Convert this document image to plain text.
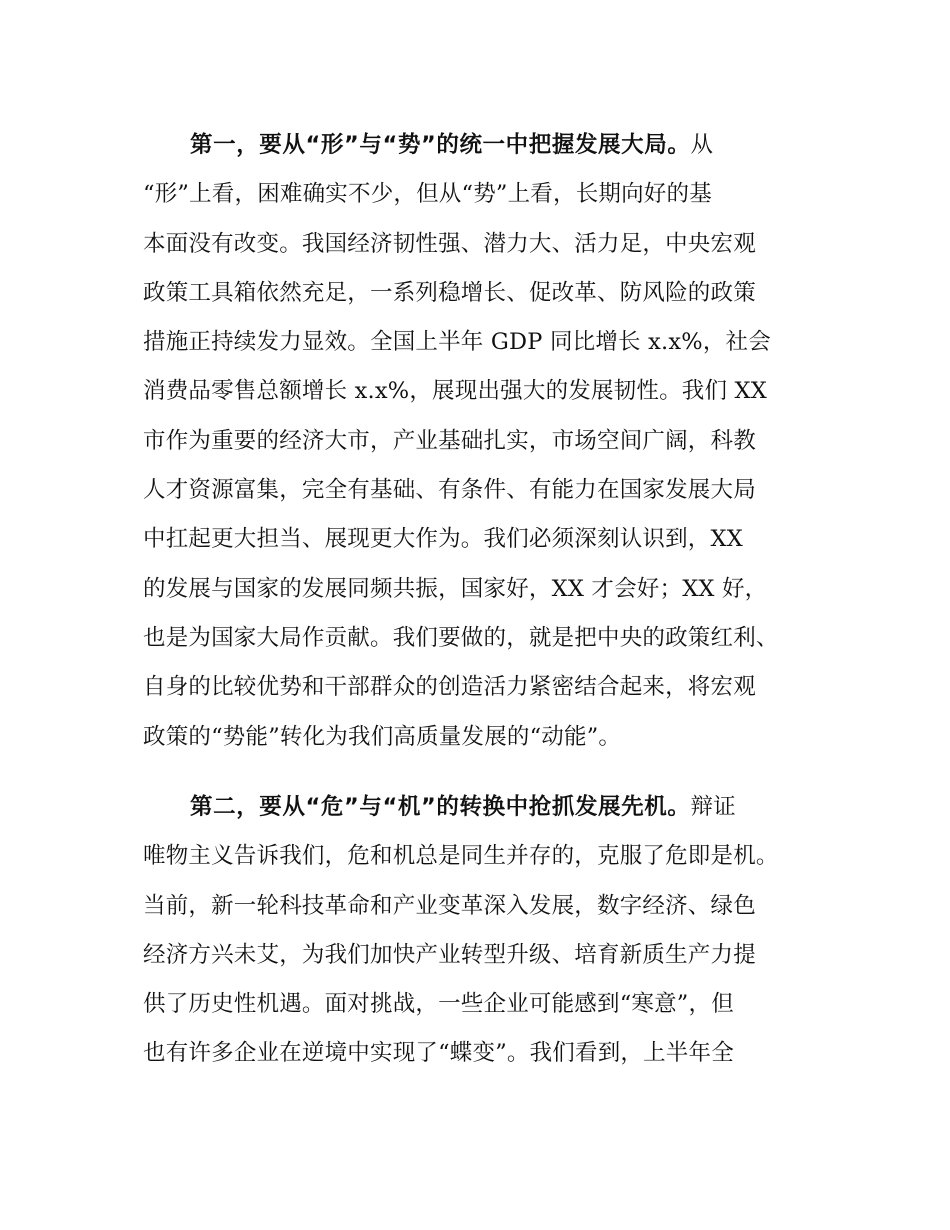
第一，要从“形”与“势”的统一中把握发展大局。从
“形”上看，困难确实不少，但从“势”上看，长期向好的基
本面没有改变。我国经济韧性强、潜力大、活力足，中央宏观
政策工具箱依然充足，一系列稳增长、促改革、防风险的政策
措施正持续发力显效。全国上半年 GDP 同比增长 x.x%，社会
消费品零售总额增长 x.x%，展现出强大的发展韧性。我们 XX
市作为重要的经济大市，产业基础扎实，市场空间广阔，科教
人才资源富集，完全有基础、有条件、有能力在国家发展大局
中扛起更大担当、展现更大作为。我们必须深刻认识到，XX
的发展与国家的发展同频共振，国家好，XX 才会好；XX 好，
也是为国家大局作贡献。我们要做的，就是把中央的政策红利、
自身的比较优势和干部群众的创造活力紧密结合起来，将宏观
政策的“势能”转化为我们高质量发展的“动能”。
第二，要从“危”与“机”的转换中抢抓发展先机。辩证
唯物主义告诉我们，危和机总是同生并存的，克服了危即是机。
当前，新一轮科技革命和产业变革深入发展，数字经济、绿色
经济方兴未艾，为我们加快产业转型升级、培育新质生产力提
供了历史性机遇。面对挑战，一些企业可能感到“寒意”，但
也有许多企业在逆境中实现了“蝶变”。我们看到，上半年全
